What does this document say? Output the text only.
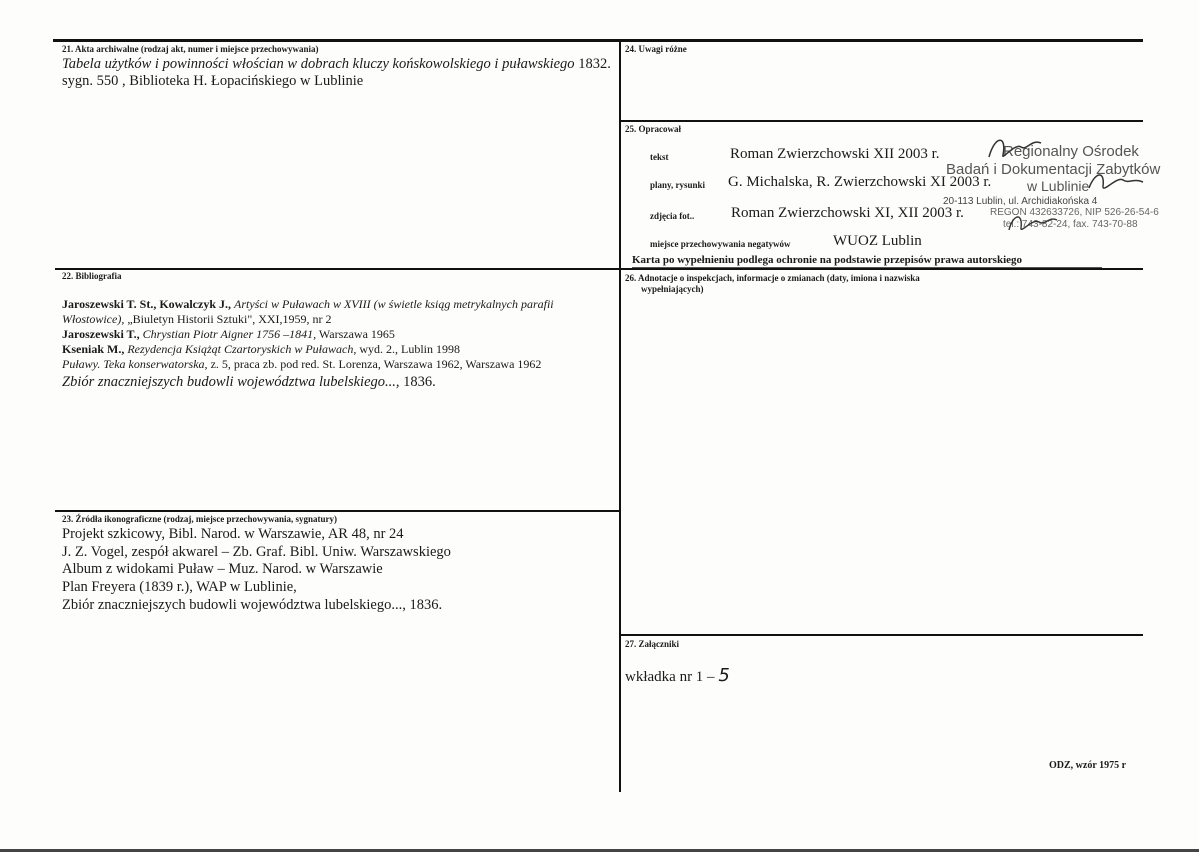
21. Akta archiwalne (rodzaj akt, numer i miejsce przechowywania)
Tabela użytków i powinności włościan w dobrach kluczy końskowolskiego i puławskiego 1832.
sygn. 550 , Biblioteka H. Łopacińskiego w Lublinie
22. Bibliografia
Jaroszewski T. St., Kowalczyk J., Artyści w Puławach w XVIII (w świetle ksiąg metrykalnych parafii
Włostowice), „Biuletyn Historii Sztuki", XXI,1959, nr 2
Jaroszewski T., Chrystian Piotr Aigner 1756 –1841, Warszawa 1965
Kseniak M., Rezydencja Książąt Czartoryskich w Puławach, wyd. 2., Lublin 1998
Puławy. Teka konserwatorska, z. 5, praca zb. pod red. St. Lorenza, Warszawa 1962, Warszawa 1962
Zbiór znaczniejszych budowli województwa lubelskiego..., 1836.
23. Źródła ikonograficzne (rodzaj, miejsce przechowywania, sygnatury)
Projekt szkicowy, Bibl. Narod. w Warszawie, AR 48, nr 24
J. Z. Vogel, zespół akwarel – Zb. Graf. Bibl. Uniw. Warszawskiego
Album z widokami Puław – Muz. Narod. w Warszawie
Plan Freyera (1839 r.), WAP w Lublinie,
Zbiór znaczniejszych budowli województwa lubelskiego..., 1836.
24. Uwagi różne
25. Opracował
tekst	Roman Zwierzchowski XII 2003 r.
plany, rysunki G. Michalska, R. Zwierzchowski XI 2003 r.
zdjęcia fot.. Roman Zwierzchowski XI, XII 2003 r.
miejsce przechowywania negatywów	WUOZ Lublin
Karta po wypełnieniu podlega ochronie na podstawie przepisów prawa autorskiego
Regionalny Ośrodek
Badań i Dokumentacji Zabytków
w Lublinie
20-113 Lublin, ul. Archidiakońska 4
REGON 432633726, NIP 526-26-54-6
tel.: 743-82-24, fax. 743-70-88
26. Adnotacje o inspekcjach, informacje o zmianach (daty, imiona i nazwiska
wypełniających)
27. Załączniki
wkładka nr 1 – 5
ODZ, wzór 1975 r
